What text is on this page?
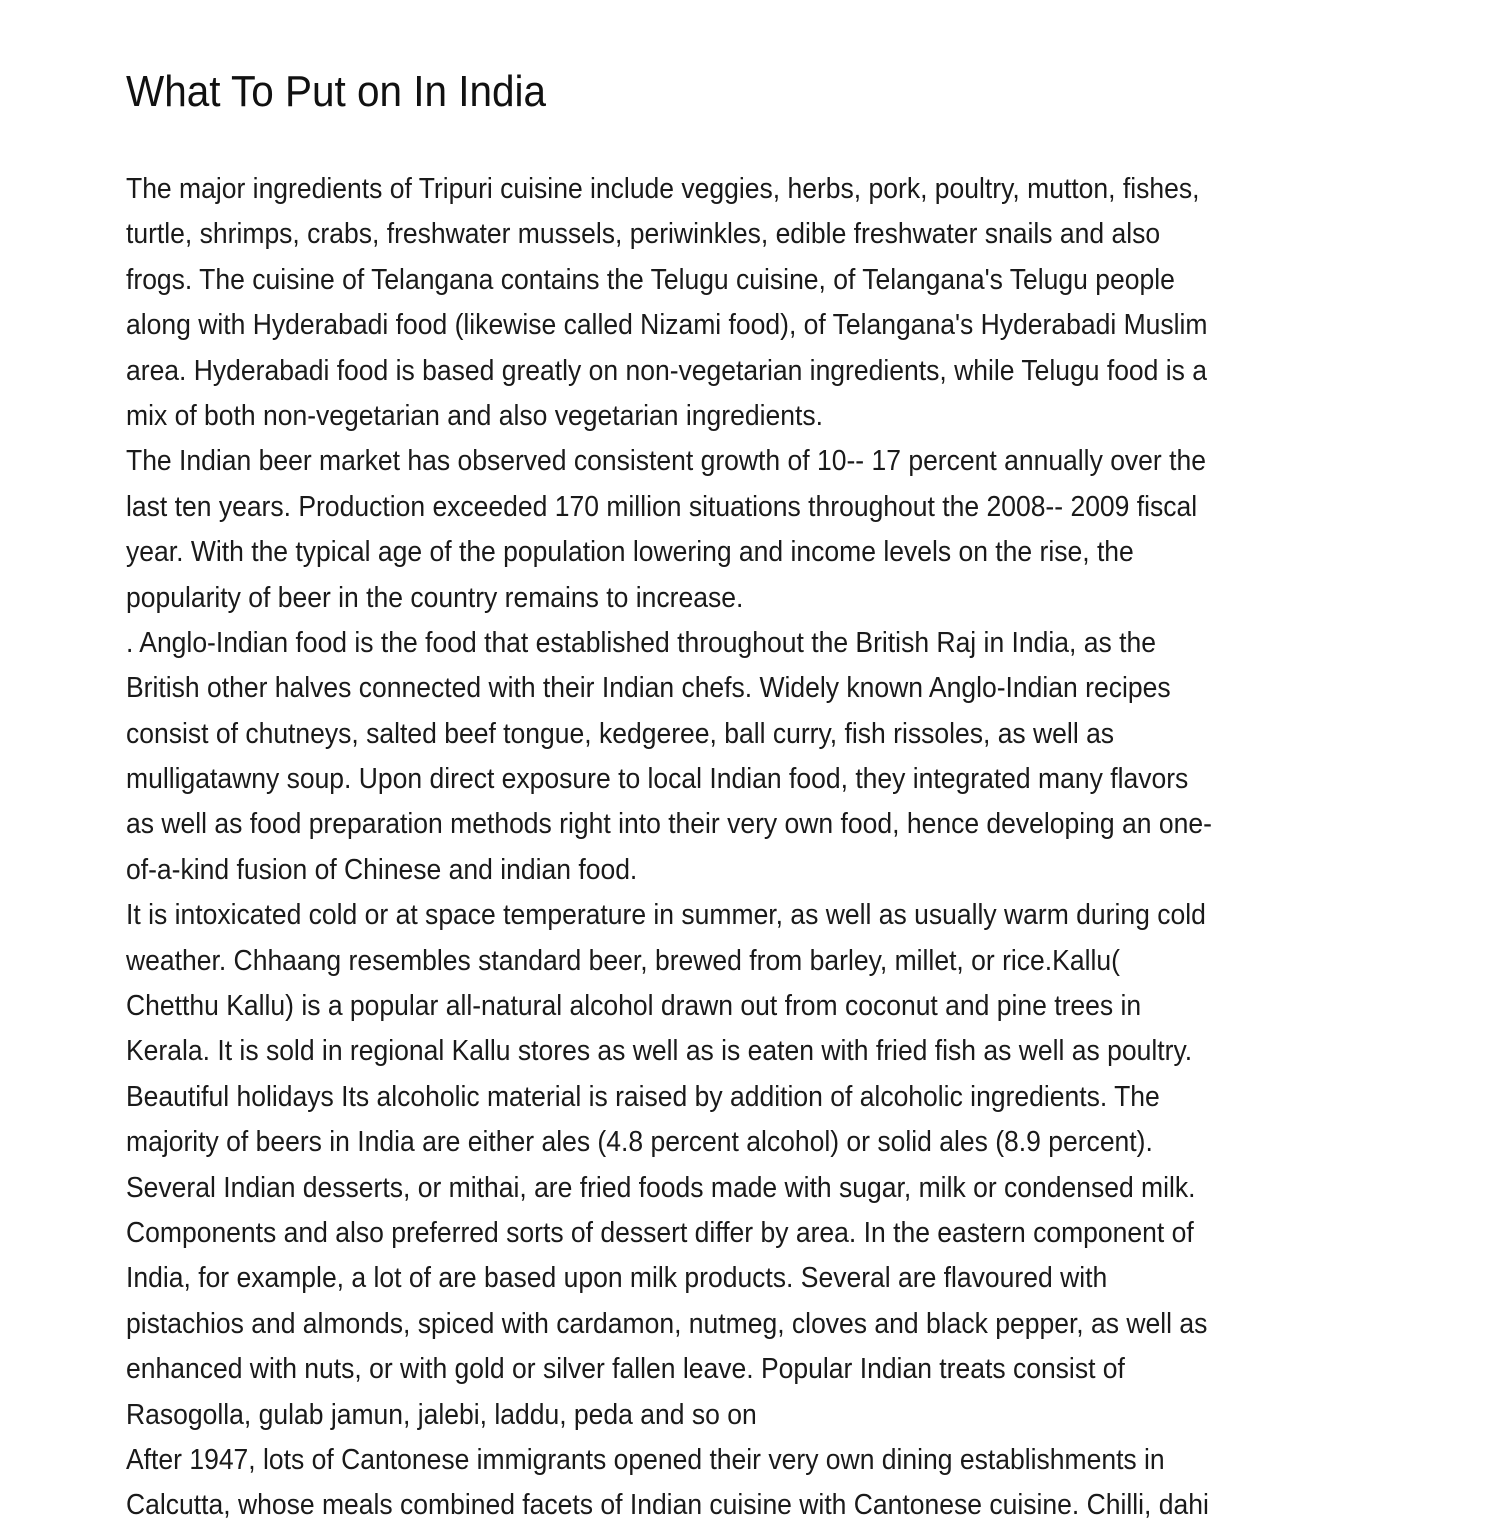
What To Put on In India
The major ingredients of Tripuri cuisine include veggies, herbs, pork, poultry, mutton, fishes,
turtle, shrimps, crabs, freshwater mussels, periwinkles, edible freshwater snails and also
frogs. The cuisine of Telangana contains the Telugu cuisine, of Telangana's Telugu people
along with Hyderabadi food (likewise called Nizami food), of Telangana's Hyderabadi Muslim
area. Hyderabadi food is based greatly on non-vegetarian ingredients, while Telugu food is a
mix of both non-vegetarian and also vegetarian ingredients.
The Indian beer market has observed consistent growth of 10-- 17 percent annually over the
last ten years. Production exceeded 170 million situations throughout the 2008-- 2009 fiscal
year. With the typical age of the population lowering and income levels on the rise, the
popularity of beer in the country remains to increase.
. Anglo-Indian food is the food that established throughout the British Raj in India, as the
British other halves connected with their Indian chefs. Widely known Anglo-Indian recipes
consist of chutneys, salted beef tongue, kedgeree, ball curry, fish rissoles, as well as
mulligatawny soup. Upon direct exposure to local Indian food, they integrated many flavors
as well as food preparation methods right into their very own food, hence developing an one-
of-a-kind fusion of Chinese and indian food.
It is intoxicated cold or at space temperature in summer, as well as usually warm during cold
weather. Chhaang resembles standard beer, brewed from barley, millet, or rice.Kallu(
Chetthu Kallu) is a popular all-natural alcohol drawn out from coconut and pine trees in
Kerala. It is sold in regional Kallu stores as well as is eaten with fried fish as well as poultry.
Beautiful holidays Its alcoholic material is raised by addition of alcoholic ingredients. The
majority of beers in India are either ales (4.8 percent alcohol) or solid ales (8.9 percent).
Several Indian desserts, or mithai, are fried foods made with sugar, milk or condensed milk.
Components and also preferred sorts of dessert differ by area. In the eastern component of
India, for example, a lot of are based upon milk products. Several are flavoured with
pistachios and almonds, spiced with cardamon, nutmeg, cloves and black pepper, as well as
enhanced with nuts, or with gold or silver fallen leave. Popular Indian treats consist of
Rasogolla, gulab jamun, jalebi, laddu, peda and so on
After 1947, lots of Cantonese immigrants opened their very own dining establishments in
Calcutta, whose meals combined facets of Indian cuisine with Cantonese cuisine. Chilli, dahi
